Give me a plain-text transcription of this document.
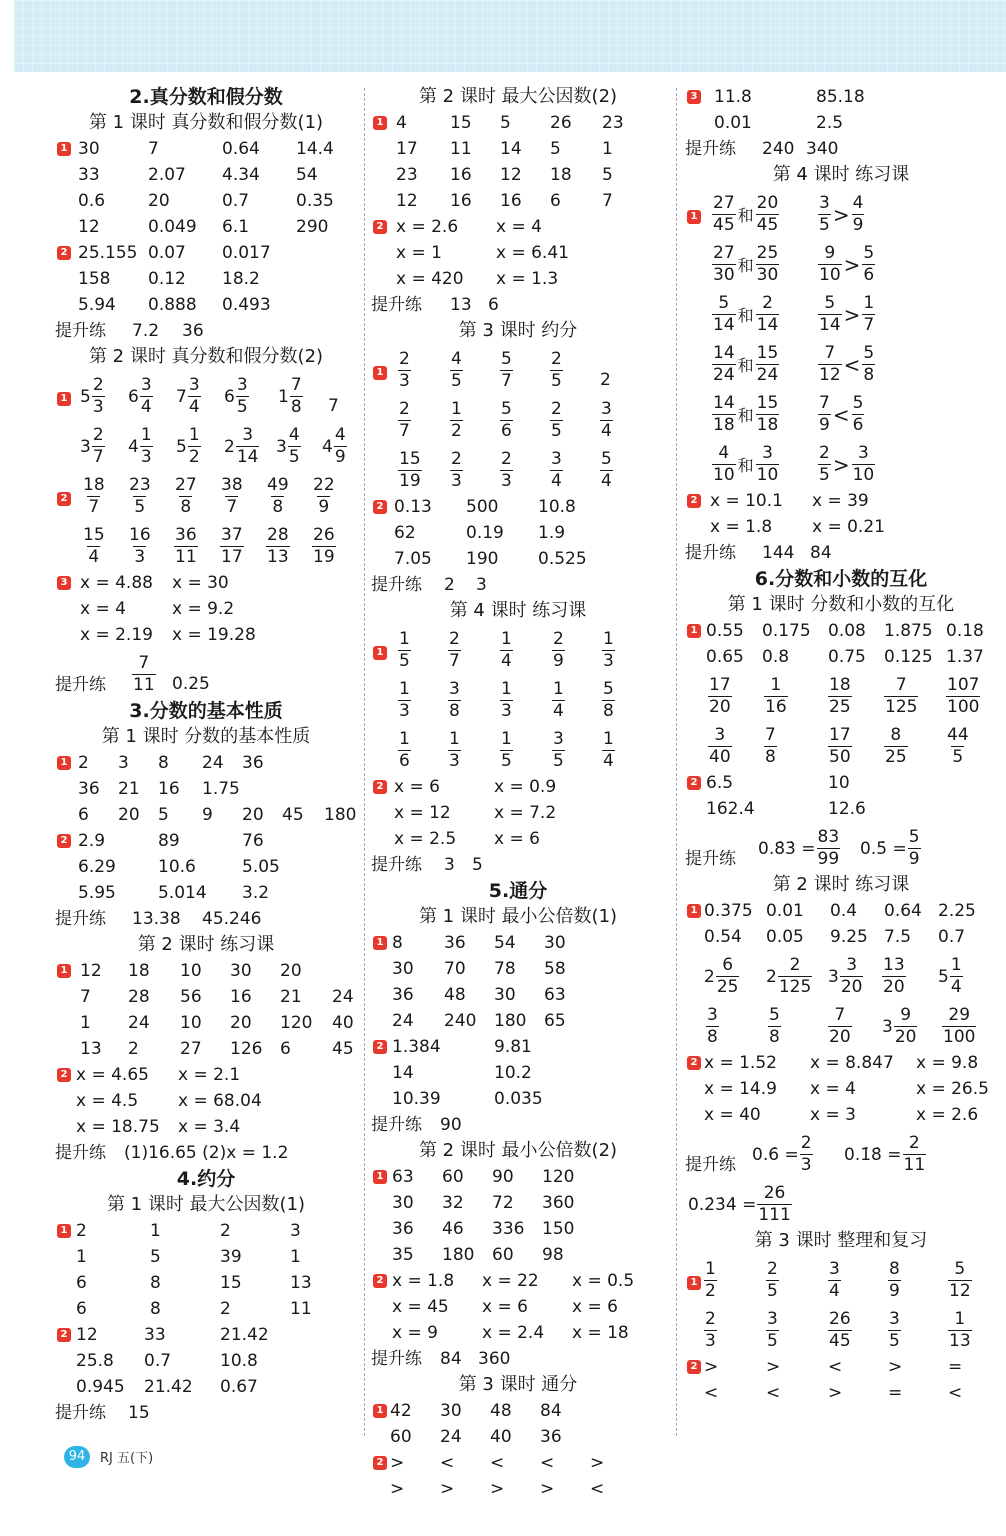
2.真分数和假分数
第 1 课时 真分数和假分数(1)
1 30	7	0.64 14.4
33	2.07 4.34 54
0.6	20	0.7	0.35
12	0.049 6.1	290
2 25.155 0.07 0.017
158 0.12 18.2
5.94 0.888 0.493
提升练 7.2 36
第 2 课时 真分数和假分数(2)
1 $5 \frac{2}{3} 6 \frac{3}{4} 7 \frac{3}{4} 6 \frac{3}{5} 1 \frac{7}{8} 7$
$3 \frac{2}{7} 4 \frac{1}{3} 5 \frac{1}{2} 2 \frac{3}{14} 3 \frac{4}{5} 4 \frac{4}{9}$
$2 \frac{18}{7} \frac{23}{5} \frac{27}{8} \frac{38}{7} \frac{49}{8} \frac{22}{9}$
$\frac{15}{4} \frac{16}{3} \frac{36}{11} \frac{37}{17} \frac{28}{13} \frac{26}{19}$
3 x = 4.88 x = 30
x = 4	x = 9.2
x = 2.19 x = 19.28
提升练 $\frac{7}{11} 0.25$
3.分数的基本性质
第 1 课时 分数的基本性质
1 2 3 8 24 36
36 21 16 1.75
6 20 5 9 20 45 180
2 2.9	89	76
6.29 10.6	5.05
5.95 5.014 3.2
提升练 13.38 45.246
第 2 课时 练习课
1 12 18 10 30 20
7 28 56 16 21 24
1 24 10 20 120 40
13 2 27 126 6 45
2 x = 4.65 x = 2.1
x = 4.5 x = 68.04
x = 18.75 x = 3.4
提升练 (1)16.65 (2)x = 1.2
4.约分
第 1 课时 最大公因数(1)
1 2	1	2	3
1	5	39	1
6	8	15	13
6	8	2	11
2 12	33	21.42
25.8 0.7	10.8
0.945 21.42 0.67
提升练 15
第 2 课时 最大公因数(2)
1 4	15 5 26 23
17 11 14 5 1
23 16 12 18 5
12 16 16 6 7
2 x = 2.6 x = 4
x = 1	x = 6.41
x = 420 x = 1.3
提升练 13 6
第 3 课时 约分
$1 \frac{2}{3} \frac{4}{5} \frac{5}{7} \frac{2}{5} 2$
$\frac{2}{7} \frac{1}{2} \frac{5}{6} \frac{2}{5} \frac{3}{4}$
$\frac{15}{19} \frac{2}{3} \frac{2}{3} \frac{3}{4} \frac{5}{4}$
2 0.13 500 10.8
62	0.19 1.9
7.05 190 0.525
提升练 2 3
第 4 课时 练习课
$1 \frac{1}{5} \frac{2}{7} \frac{1}{4} \frac{2}{9} \frac{1}{3}$
$\frac{1}{3} \frac{3}{8} \frac{1}{3} \frac{1}{4} \frac{5}{8}$
$\frac{1}{6} \frac{1}{3} \frac{1}{5} \frac{3}{5} \frac{1}{4}$
2 x = 6	x = 0.9
x = 12	x = 7.2
x = 2.5 x = 6
提升练 3 5
5.通分
第 1 课时 最小公倍数(1)
1 8 36 54 30
30 70 78 58
36 48 30 63
24 240 180 65
2 1.384	9.81
14	10.2
10.39	0.035
提升练 90
第 2 课时 最小公倍数(2)
1 63 60 90 120
30 32 72 360
36 46 336 150
35 180 60 98
2 x = 1.8 x = 22 x = 0.5
x = 45 x = 6	x = 6
x = 9	x = 2.4 x = 18
提升练 84 360
第 3 课时 通分
1 42 30 48 84
60 24 40 36
2 > < < < >
> > > > <
3 11.8	85.18
0.01	2.5
提升练 240 340
第 4 课时 练习课
$1 \frac{27}{45}$ 和 $\frac{20}{45} \frac{3}{5} > \frac{4}{9}$
$\frac{27}{30}$ 和 $\frac{25}{30} \frac{9}{10} > \frac{5}{6}$
$\frac{5}{14}$ 和 $\frac{2}{14} \frac{5}{14} > \frac{1}{7}$
$\frac{14}{24}$ 和 $\frac{15}{24} \frac{7}{12} < \frac{5}{8}$
$\frac{14}{18}$ 和 $\frac{15}{18} \frac{7}{9} < \frac{5}{6}$
$\frac{4}{10}$ 和 $\frac{3}{10} \frac{2}{5} > \frac{3}{10}$
2 x = 10.1 x = 39
x = 1.8 x = 0.21
提升练 144 84
6.分数和小数的互化
第 1 课时 分数和小数的互化
1 0.55 0.175 0.08 1.875 0.18
0.65 0.8 0.75 0.125 1.37
$\frac{17}{20} \frac{1}{16} \frac{18}{25} \frac{7}{125} \frac{107}{100}$
$\frac{3}{40} \frac{7}{8}$	$\frac{17}{50} \frac{8}{25} \frac{44}{5}$
2 6.5	10
162.4	12.6
提升练
0.8̇3̇ = $\frac{83}{99}$ 0.5̇ = $\frac{5}{9}$
第 2 课时 练习课
1 0.375 0.01 0.4 0.64 2.25
0.54 0.05 9.25 7.5 0.7
$2 \frac{6}{25} 2 \frac{2}{125} 3 \frac{3}{20} \frac{13}{20} 5 \frac{1}{4}$
$\frac{3}{8}$	$\frac{5}{8}$	$\frac{7}{20} 3 \frac{9}{20} \frac{29}{100}$
2 x = 1.52 x = 8.847 x = 9.8
x = 14.9 x = 4	x = 26.5
x = 40	x = 3	x = 2.6
提升练
0.6̇ = $\frac{2}{3}$ 0.1̇8̇ = $\frac{2}{11}$
0.2̇3̇4̇ = $\frac{26}{111}$
第 3 课时 整理和复习
$1 \frac{1}{2}$	$\frac{2}{5}$	$\frac{3}{4}$	$\frac{8}{9}$	$\frac{5}{12}$
$\frac{2}{3}$	$\frac{3}{5}$	$\frac{26}{45} \frac{3}{5}$	$\frac{1}{13}$
2 >	>	<	>	=
<	<	>	=	<
94	RJ 五(下)
